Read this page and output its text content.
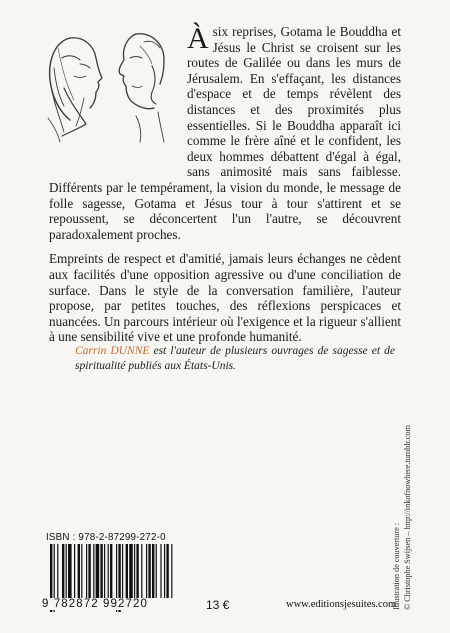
À six reprises, Gotama le Bouddha et Jésus le Christ se croisent sur les routes de Galilée ou dans les murs de Jérusalem. En s'effaçant, les distances d'espace et de temps révèlent des distances et des proximités plus essentielles. Si le Bouddha apparaît ici comme le frère aîné et le confident, les deux hommes débattent d'égal à égal, sans animosité mais sans faiblesse. Différents par le tempérament, la vision du monde, le message de folle sagesse, Gotama et Jésus tour à tour s'attirent et se repoussent, se déconcertent l'un l'autre, se découvrent paradoxalement proches.

Empreints de respect et d'amitié, jamais leurs échanges ne cèdent aux facilités d'une opposition agressive ou d'une conciliation de surface. Dans le style de la conversation familière, l'auteur propose, par petites touches, des réflexions perspicaces et nuancées. Un parcours intérieur où l'exigence et la rigueur s'allient à une sensibilité vive et une profonde humanité.

Carrin DUNNE est l'auteur de plusieurs ouvrages de sagesse et de spiritualité publiés aux États-Unis.
Illustration de couverture : © Christophe Swijsen – http://inkofnowhere.tumblr.com
ISBN : 978-2-87299-272-0
9 782872 992720	13 €	www.editionsjesuites.com
